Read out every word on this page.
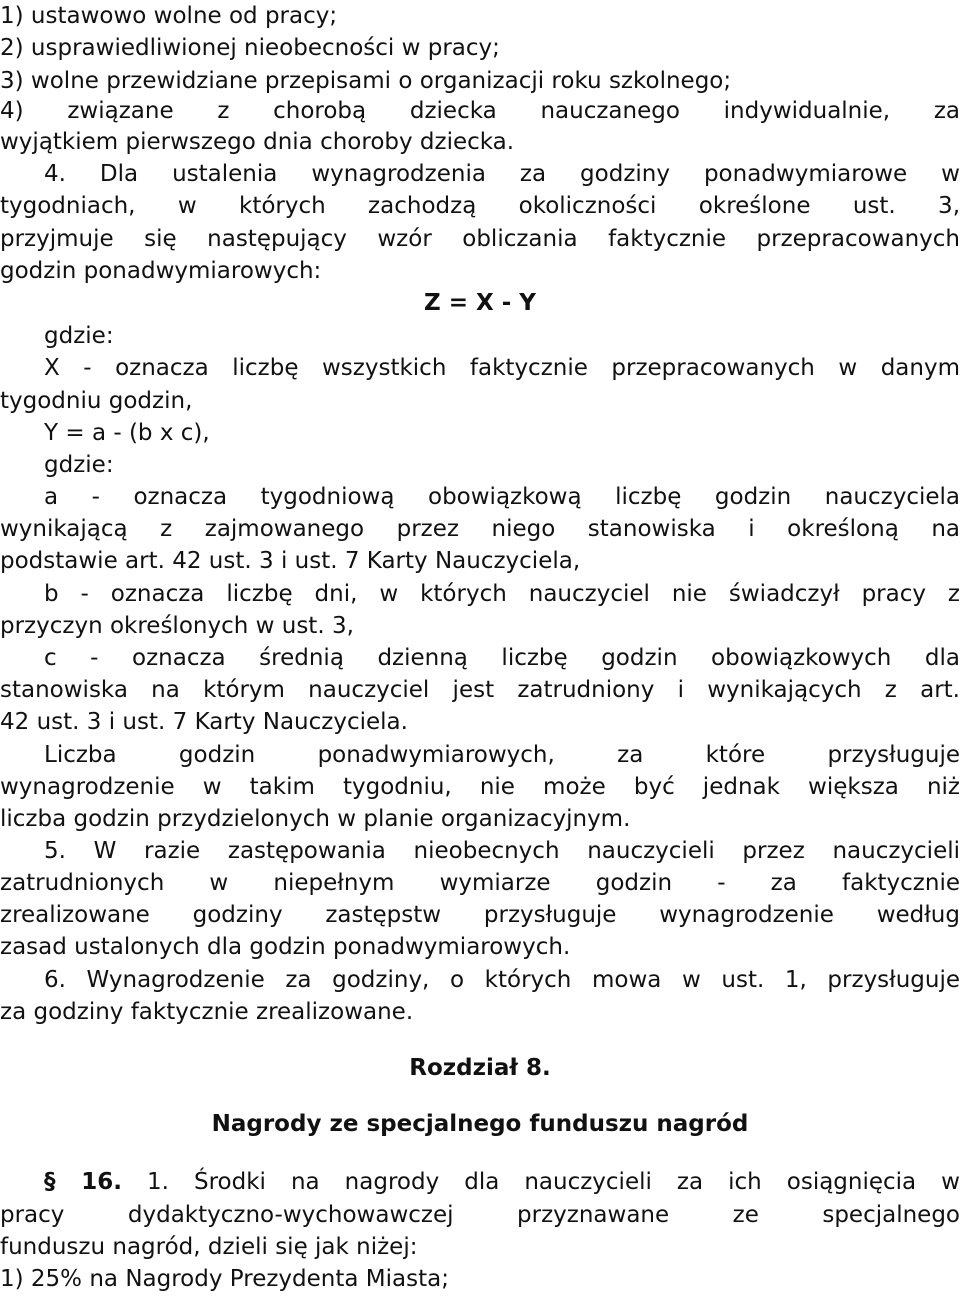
1) ustawowo wolne od pracy;
2) usprawiedliwionej nieobecności w pracy;
3) wolne przewidziane przepisami o organizacji roku szkolnego;
4) związane z chorobą dziecka nauczanego indywidualnie, za
wyjątkiem pierwszego dnia choroby dziecka.
4. Dla ustalenia wynagrodzenia za godziny ponadwymiarowe w
tygodniach, w których zachodzą okoliczności określone ust. 3,
przyjmuje się następujący wzór obliczania faktycznie przepracowanych
godzin ponadwymiarowych:
Z = X - Y
gdzie:
X - oznacza liczbę wszystkich faktycznie przepracowanych w danym
tygodniu godzin,
Y = a - (b x c),
gdzie:
a - oznacza tygodniową obowiązkową liczbę godzin nauczyciela
wynikającą z zajmowanego przez niego stanowiska i określoną na
podstawie art. 42 ust. 3 i ust. 7 Karty Nauczyciela,
b - oznacza liczbę dni, w których nauczyciel nie świadczył pracy z
przyczyn określonych w ust. 3,
c - oznacza średnią dzienną liczbę godzin obowiązkowych dla
stanowiska na którym nauczyciel jest zatrudniony i wynikających z art.
42 ust. 3 i ust. 7 Karty Nauczyciela.
Liczba godzin ponadwymiarowych, za które przysługuje
wynagrodzenie w takim tygodniu, nie może być jednak większa niż
liczba godzin przydzielonych w planie organizacyjnym.
5. W razie zastępowania nieobecnych nauczycieli przez nauczycieli
zatrudnionych w niepełnym wymiarze godzin - za faktycznie
zrealizowane godziny zastępstw przysługuje wynagrodzenie według
zasad ustalonych dla godzin ponadwymiarowych.
6. Wynagrodzenie za godziny, o których mowa w ust. 1, przysługuje
za godziny faktycznie zrealizowane.
Rozdział 8.
Nagrody ze specjalnego funduszu nagród
§ 16. 1. Środki na nagrody dla nauczycieli za ich osiągnięcia w
pracy dydaktyczno-wychowawczej przyznawane ze specjalnego
funduszu nagród, dzieli się jak niżej:
1) 25% na Nagrody Prezydenta Miasta;
